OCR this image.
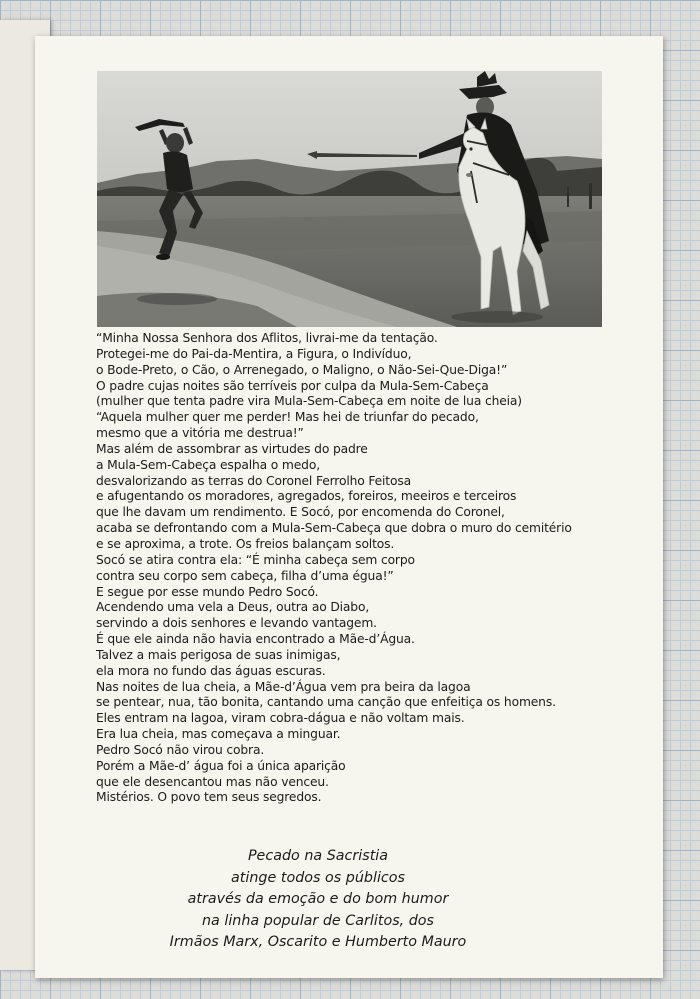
“Minha Nossa Senhora dos Aflitos, livrai-me da tentação.
Protegei-me do Pai-da-Mentira, a Figura, o Indivíduo,
o Bode-Preto, o Cão, o Arrenegado, o Maligno, o Não-Sei-Que-Diga!”
O padre cujas noites são terríveis por culpa da Mula-Sem-Cabeça
(mulher que tenta padre vira Mula-Sem-Cabeça em noite de lua cheia)
“Aquela mulher quer me perder! Mas hei de triunfar do pecado,
mesmo que a vitória me destrua!”
Mas além de assombrar as virtudes do padre
a Mula-Sem-Cabeça espalha o medo,
desvalorizando as terras do Coronel Ferrolho Feitosa
e afugentando os moradores, agregados, foreiros, meeiros e terceiros
que lhe davam um rendimento. E Socó, por encomenda do Coronel,
acaba se defrontando com a Mula-Sem-Cabeça que dobra o muro do cemitério
e se aproxima, a trote. Os freios balançam soltos.
Socó se atira contra ela: “É minha cabeça sem corpo
contra seu corpo sem cabeça, filha d’uma égua!”
E segue por esse mundo Pedro Socó.
Acendendo uma vela a Deus, outra ao Diabo,
servindo a dois senhores e levando vantagem.
É que ele ainda não havia encontrado a Mãe-d’Água.
Talvez a mais perigosa de suas inimigas,
ela mora no fundo das águas escuras.
Nas noites de lua cheia, a Mãe-d’Água vem pra beira da lagoa
se pentear, nua, tão bonita, cantando uma canção que enfeitiça os homens.
Eles entram na lagoa, viram cobra-dágua e não voltam mais.
Era lua cheia, mas começava a minguar.
Pedro Socó não virou cobra.
Porém a Mãe-d’ água foi a única aparição
que ele desencantou mas não venceu.
Mistérios. O povo tem seus segredos.
Pecado na Sacristia
atinge todos os públicos
através da emoção e do bom humor
na linha popular de Carlitos, dos
Irmãos Marx, Oscarito e Humberto Mauro
